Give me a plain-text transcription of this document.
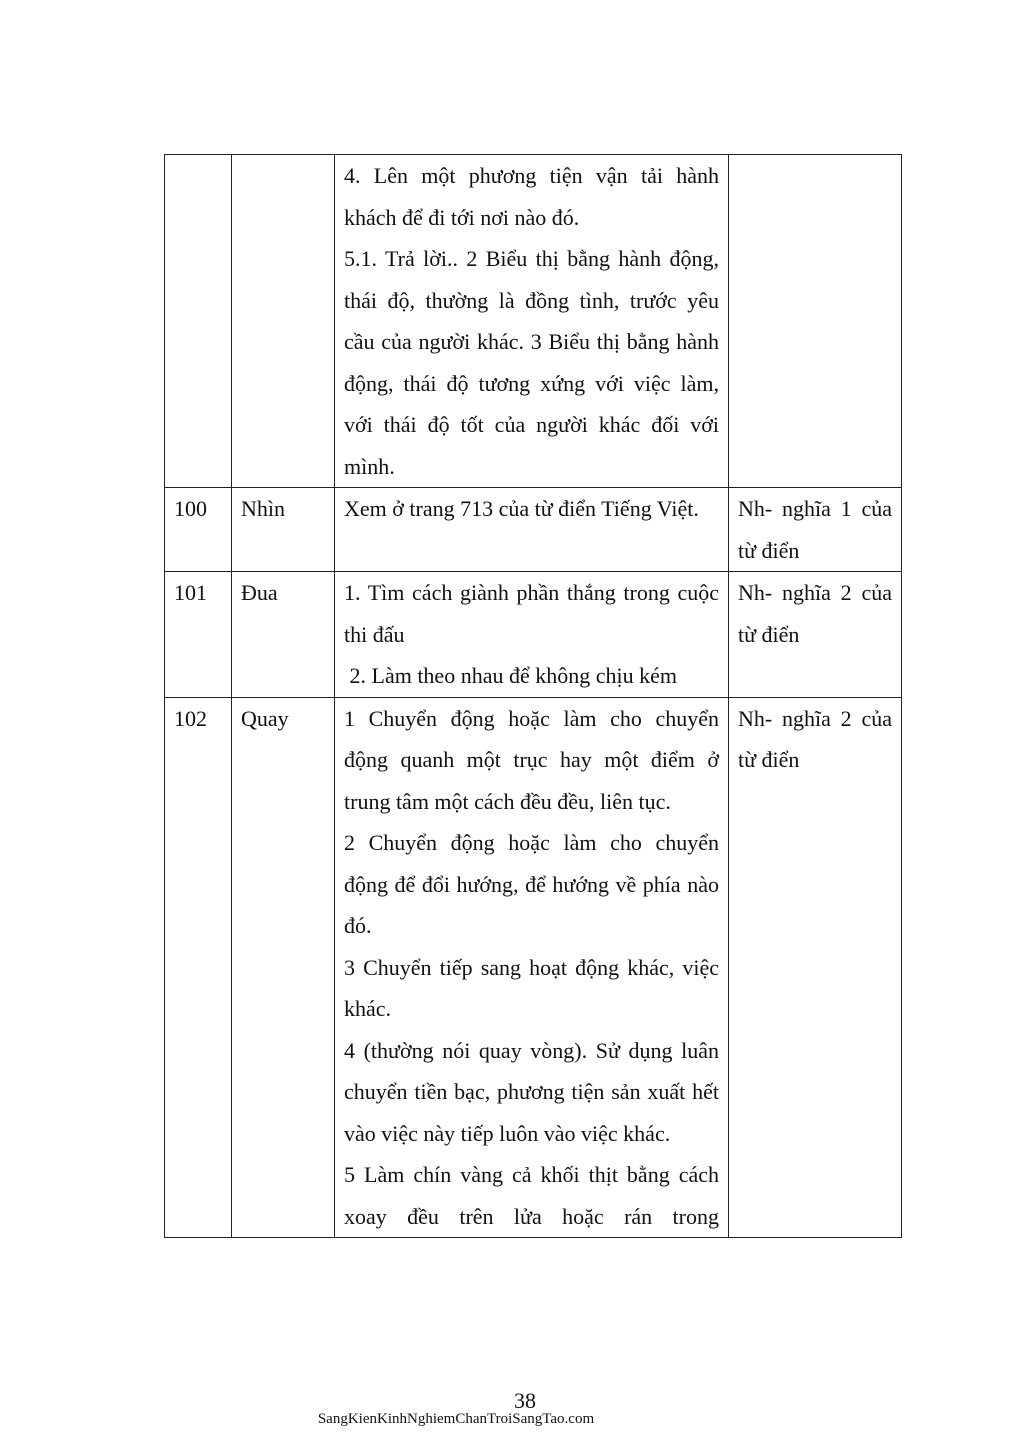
		4. Lên một phương tiện vận tải hành khách để đi tới nơi nào đó.
5.1. Trả lời.. 2 Biểu thị bằng hành động, thái độ, thường là đồng tình, trước yêu cầu của người khác. 3 Biểu thị bằng hành động, thái độ tương xứng với việc làm, với thái độ tốt của người khác đối với mình.	

100	Nhìn	Xem ở trang 713 của từ điển Tiếng Việt.	Nh- nghĩa 1 của từ điển
101	Đua	1. Tìm cách giành phần thắng trong cuộc thi đấu
2. Làm theo nhau để không chịu kém	Nh- nghĩa 2 của từ điển
102	Quay	1 Chuyển động hoặc làm cho chuyển động quanh một trục hay một điểm ở trung tâm một cách đều đều, liên tục.
2 Chuyển động hoặc làm cho chuyển động để đổi hướng, để hướng về phía nào đó.
3 Chuyển tiếp sang hoạt động khác, việc khác.
4 (thường nói quay vòng). Sử dụng luân chuyển tiền bạc, phương tiện sản xuất hết vào việc này tiếp luôn vào việc khác.
5 Làm chín vàng cả khối thịt bằng cách xoay đều trên lửa hoặc rán trong	Nh- nghĩa 2 của từ điển
38
SangKienKinhNghiemChanTroiSangTao.com
